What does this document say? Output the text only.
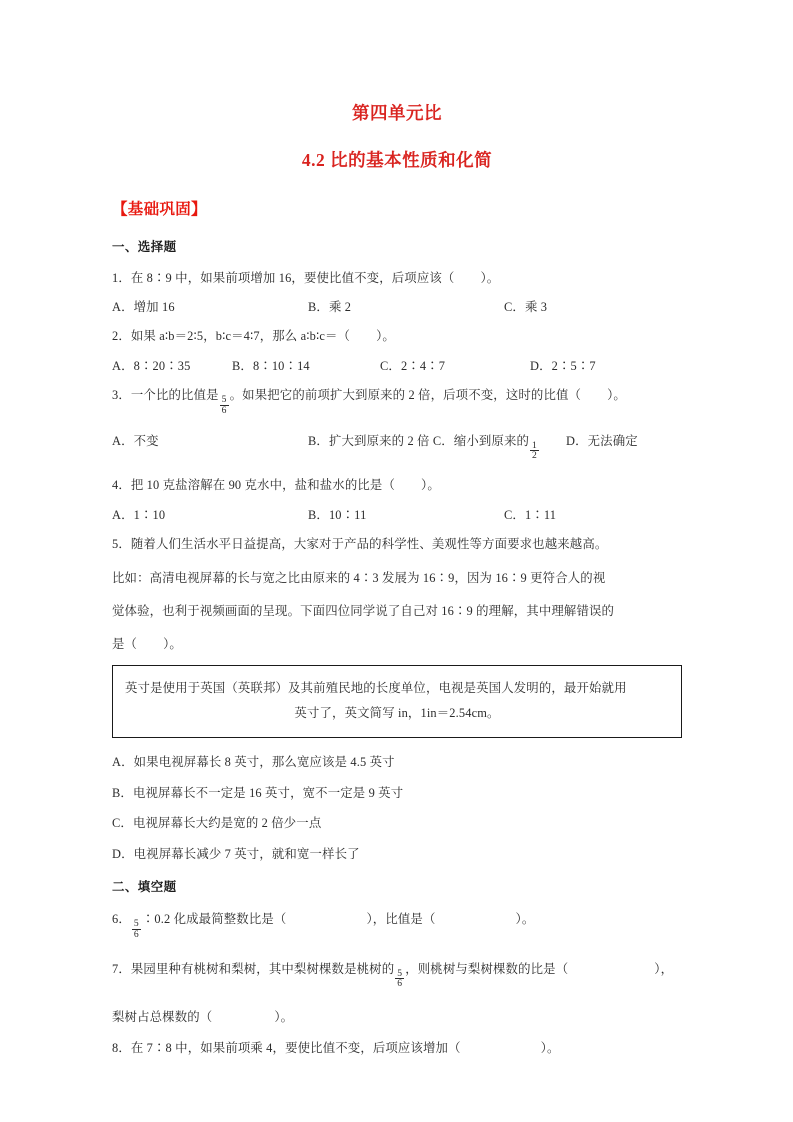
第四单元比
4.2 比的基本性质和化简
【基础巩固】
一、选择题
1．在 8∶9 中，如果前项增加 16，要使比值不变，后项应该（ ）。
A．增加 16	B．乘 2	C．乘 3
2．如果 a∶b＝2∶5，b∶c＝4∶7，那么 a∶b∶c＝（ ）。
A．8∶20∶35	B．8∶10∶14	C．2∶4∶7	D．2∶5∶7
3．一个比的比值是 $\frac{5}{6}$ 。如果把它的前项扩大到原来的 2 倍，后项不变，这时的比值（ ）。
A．不变	B．扩大到原来的 2 倍 C．缩小到原来的 $\frac{1}{2}$ D．无法确定
4．把 10 克盐溶解在 90 克水中，盐和盐水的比是（ ）。
A．1∶10	B．10∶11	C．1∶11
5．随着人们生活水平日益提高，大家对于产品的科学性、美观性等方面要求也越来越高。
比如：高清电视屏幕的长与宽之比由原来的 4∶3 发展为 16∶9，因为 16∶9 更符合人的视
觉体验，也利于视频画面的呈现。下面四位同学说了自己对 16∶9 的理解，其中理解错误的
是（ ）。
英寸是使用于英国（英联邦）及其前殖民地的长度单位，电视是英国人发明的，最开始就用
英寸了，英文简写 in，1in＝2.54cm。
A．如果电视屏幕长 8 英寸，那么宽应该是 4.5 英寸
B．电视屏幕长不一定是 16 英寸，宽不一定是 9 英寸
C．电视屏幕长大约是宽的 2 倍少一点
D．电视屏幕长减少 7 英寸，就和宽一样长了
二、填空题
6． $\frac{5}{6}$ ∶0.2 化成最简整数比是（	），比值是（	）。
7．果园里种有桃树和梨树，其中梨树棵数是桃树的 $\frac{5}{6}$ ，则桃树与梨树棵数的比是（	），
梨树占总棵数的（	）。
8．在 7∶8 中，如果前项乘 4，要使比值不变，后项应该增加（	）。
